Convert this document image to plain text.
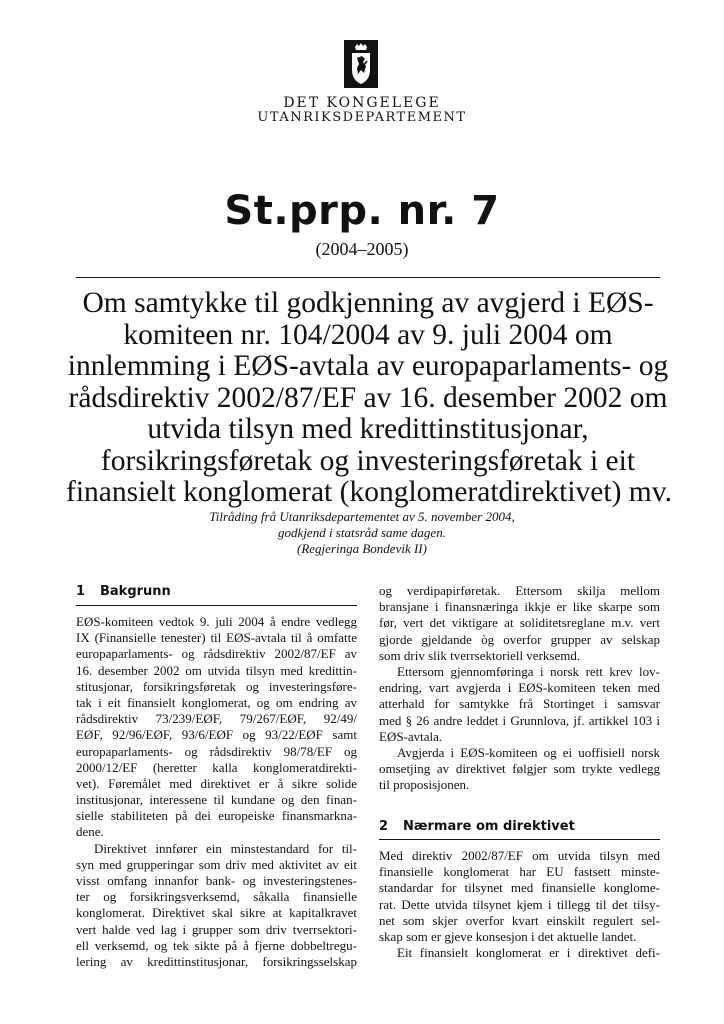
DET KONGELEGE
UTANRIKSDEPARTEMENT
St.prp. nr. 7
(2004–2005)
Om samtykke til godkjenning av avgjerd i EØS-
komiteen nr. 104/2004 av 9. juli 2004 om
innlemming i EØS-avtala av europaparlaments- og
rådsdirektiv 2002/87/EF av 16. desember 2002 om
utvida tilsyn med kredittinstitusjonar,
forsikringsføretak og investeringsføretak i eit
finansielt konglomerat (konglomeratdirektivet) mv.
Tilråding frå Utanriksdepartementet av 5. november 2004,
godkjend i statsråd same dagen.
(Regjeringa Bondevik II)
1 Bakgrunn
EØS-komiteen vedtok 9. juli 2004 å endre vedlegg
IX (Finansielle tenester) til EØS-avtala til å omfatte
europaparlaments- og rådsdirektiv 2002/87/EF av
16. desember 2002 om utvida tilsyn med kredittin-
stitusjonar, forsikringsføretak og investeringsføre-
tak i eit finansielt konglomerat, og om endring av
rådsdirektiv 73/239/EØF, 79/267/EØF, 92/49/
EØF, 92/96/EØF, 93/6/EØF og 93/22/EØF samt
europaparlaments- og rådsdirektiv 98/78/EF og
2000/12/EF (heretter kalla konglomeratdirekti-
vet). Føremålet med direktivet er å sikre solide
institusjonar, interessene til kundane og den finan-
sielle stabiliteten på dei europeiske finansmarkna-
dene.
Direktivet innfører ein minstestandard for til-
syn med grupperingar som driv med aktivitet av eit
visst omfang innanfor bank- og investeringstenes-
ter og forsikringsverksemd, såkalla finansielle
konglomerat. Direktivet skal sikre at kapitalkravet
vert halde ved lag i grupper som driv tverrsektori-
ell verksemd, og tek sikte på å fjerne dobbeltregu-
lering av kredittinstitusjonar, forsikringsselskap
og verdipapirføretak. Ettersom skilja mellom
bransjane i finansnæringa ikkje er like skarpe som
før, vert det viktigare at soliditetsreglane m.v. vert
gjorde gjeldande òg overfor grupper av selskap
som driv slik tverrsektoriell verksemd.
Ettersom gjennomføringa i norsk rett krev lov-
endring, vart avgjerda i EØS-komiteen teken med
atterhald for samtykke frå Stortinget i samsvar
med § 26 andre leddet i Grunnlova, jf. artikkel 103 i
EØS-avtala.
Avgjerda i EØS-komiteen og ei uoffisiell norsk
omsetjing av direktivet følgjer som trykte vedlegg
til proposisjonen.
2 Nærmare om direktivet
Med direktiv 2002/87/EF om utvida tilsyn med
finansielle konglomerat har EU fastsett minste-
standardar for tilsynet med finansielle konglome-
rat. Dette utvida tilsynet kjem i tillegg til det tilsy-
net som skjer overfor kvart einskilt regulert sel-
skap som er gjeve konsesjon i det aktuelle landet.
Eit finansielt konglomerat er i direktivet defi-
